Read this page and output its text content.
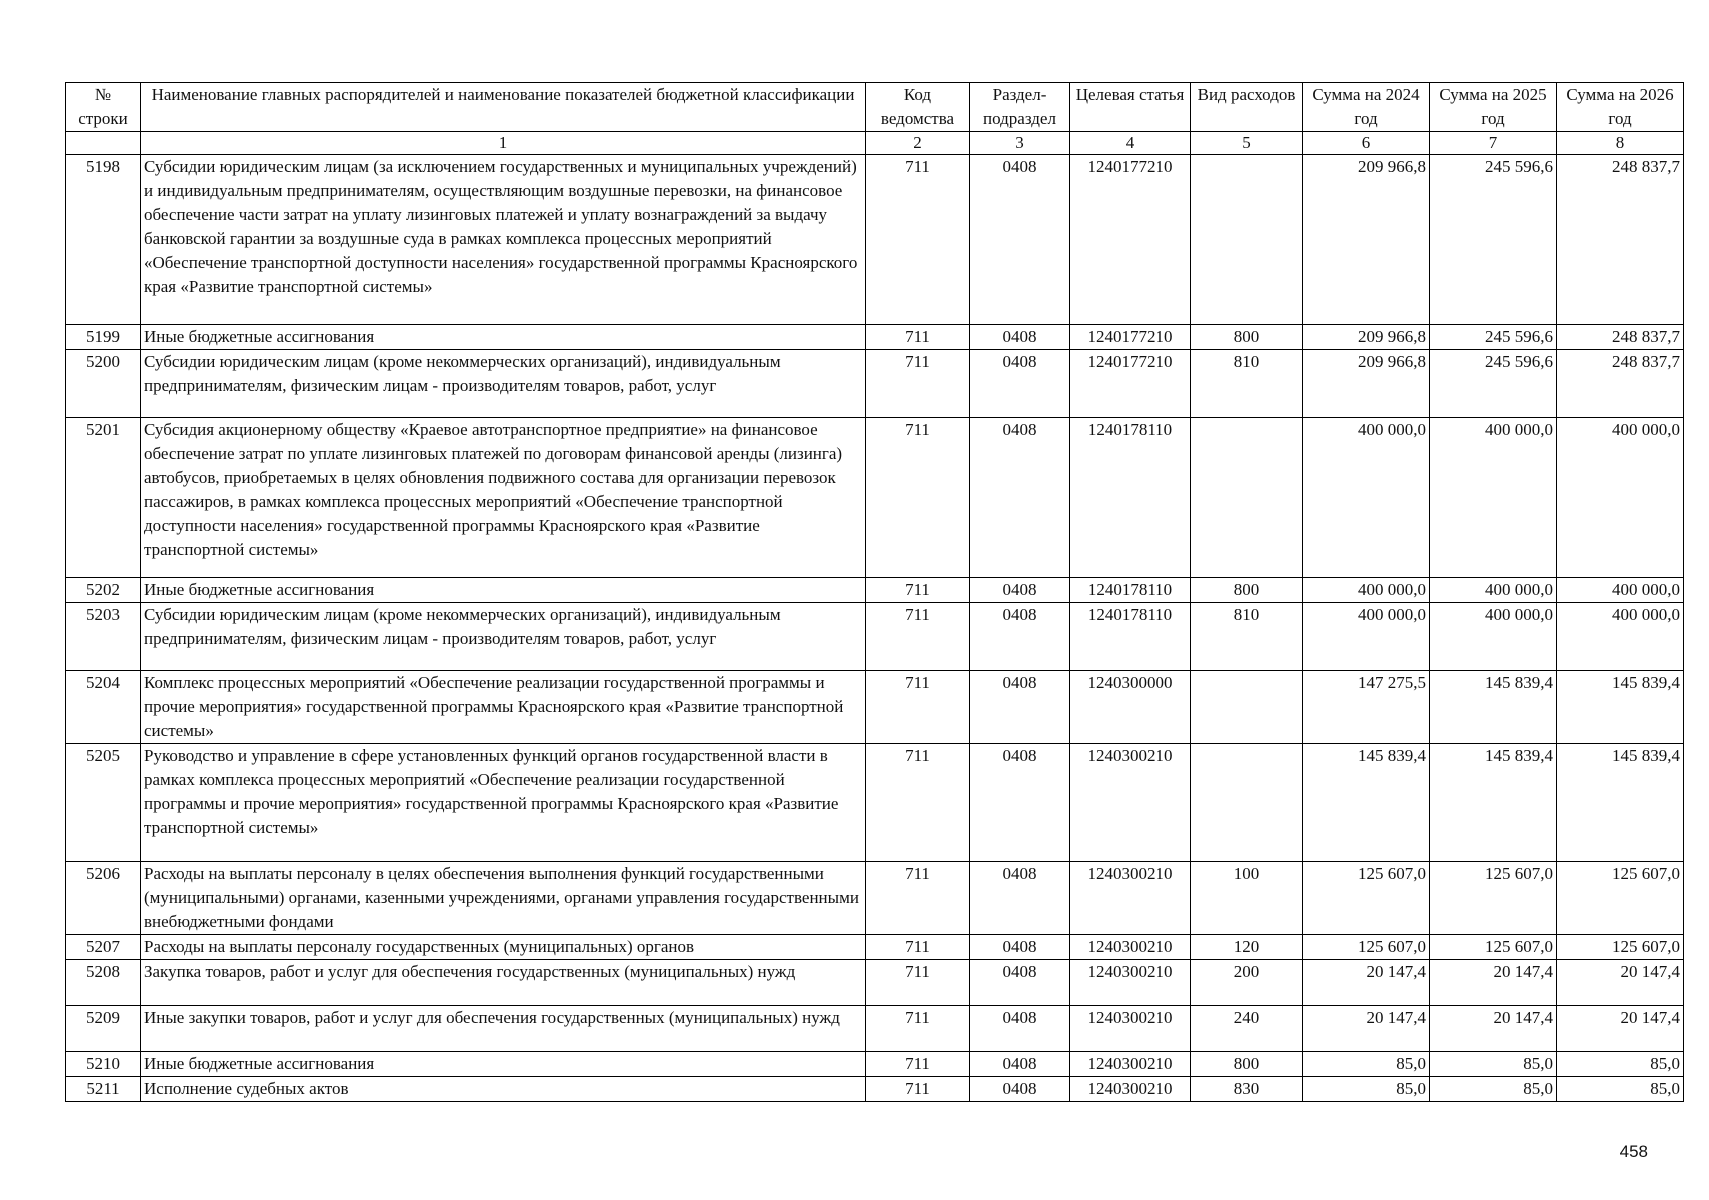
№ строки	Наименование главных распорядителей и наименование показателей бюджетной классификации	Код ведомства	Раздел-подраздел	Целевая статья	Вид расходов	Сумма на 2024 год	Сумма на 2025 год	Сумма на 2026 год
	1	2	3	4	5	6	7	8
5198	Субсидии юридическим лицам (за исключением государственных и муниципальных учреждений) и индивидуальным предпринимателям, осуществляющим воздушные перевозки, на финансовое обеспечение части затрат на уплату лизинговых платежей и уплату вознаграждений за выдачу банковской гарантии за воздушные суда в рамках комплекса процессных мероприятий «Обеспечение транспортной доступности населения» государственной программы Красноярского края «Развитие транспортной системы»	711	0408	1240177210		209 966,8	245 596,6	248 837,7
5199	Иные бюджетные ассигнования	711	0408	1240177210	800	209 966,8	245 596,6	248 837,7
5200	Субсидии юридическим лицам (кроме некоммерческих организаций), индивидуальным предпринимателям, физическим лицам - производителям товаров, работ, услуг	711	0408	1240177210	810	209 966,8	245 596,6	248 837,7
5201	Субсидия акционерному обществу «Краевое автотранспортное предприятие» на финансовое обеспечение затрат по уплате лизинговых платежей по договорам финансовой аренды (лизинга) автобусов, приобретаемых в целях обновления подвижного состава для организации перевозок пассажиров, в рамках комплекса процессных мероприятий «Обеспечение транспортной доступности населения» государственной программы Красноярского края «Развитие транспортной системы»	711	0408	1240178110		400 000,0	400 000,0	400 000,0
5202	Иные бюджетные ассигнования	711	0408	1240178110	800	400 000,0	400 000,0	400 000,0
5203	Субсидии юридическим лицам (кроме некоммерческих организаций), индивидуальным предпринимателям, физическим лицам - производителям товаров, работ, услуг	711	0408	1240178110	810	400 000,0	400 000,0	400 000,0
5204	Комплекс процессных мероприятий «Обеспечение реализации государственной программы и прочие мероприятия» государственной программы Красноярского края «Развитие транспортной системы»	711	0408	1240300000		147 275,5	145 839,4	145 839,4
5205	Руководство и управление в сфере установленных функций органов государственной власти в рамках комплекса процессных мероприятий «Обеспечение реализации государственной программы и прочие мероприятия» государственной программы Красноярского края «Развитие транспортной системы»	711	0408	1240300210		145 839,4	145 839,4	145 839,4
5206	Расходы на выплаты персоналу в целях обеспечения выполнения функций государственными (муниципальными) органами, казенными учреждениями, органами управления государственными внебюджетными фондами	711	0408	1240300210	100	125 607,0	125 607,0	125 607,0
5207	Расходы на выплаты персоналу государственных (муниципальных) органов	711	0408	1240300210	120	125 607,0	125 607,0	125 607,0
5208	Закупка товаров, работ и услуг для обеспечения государственных (муниципальных) нужд	711	0408	1240300210	200	20 147,4	20 147,4	20 147,4
5209	Иные закупки товаров, работ и услуг для обеспечения государственных (муниципальных) нужд	711	0408	1240300210	240	20 147,4	20 147,4	20 147,4
5210	Иные бюджетные ассигнования	711	0408	1240300210	800	85,0	85,0	85,0
5211	Исполнение судебных актов	711	0408	1240300210	830	85,0	85,0	85,0
458
